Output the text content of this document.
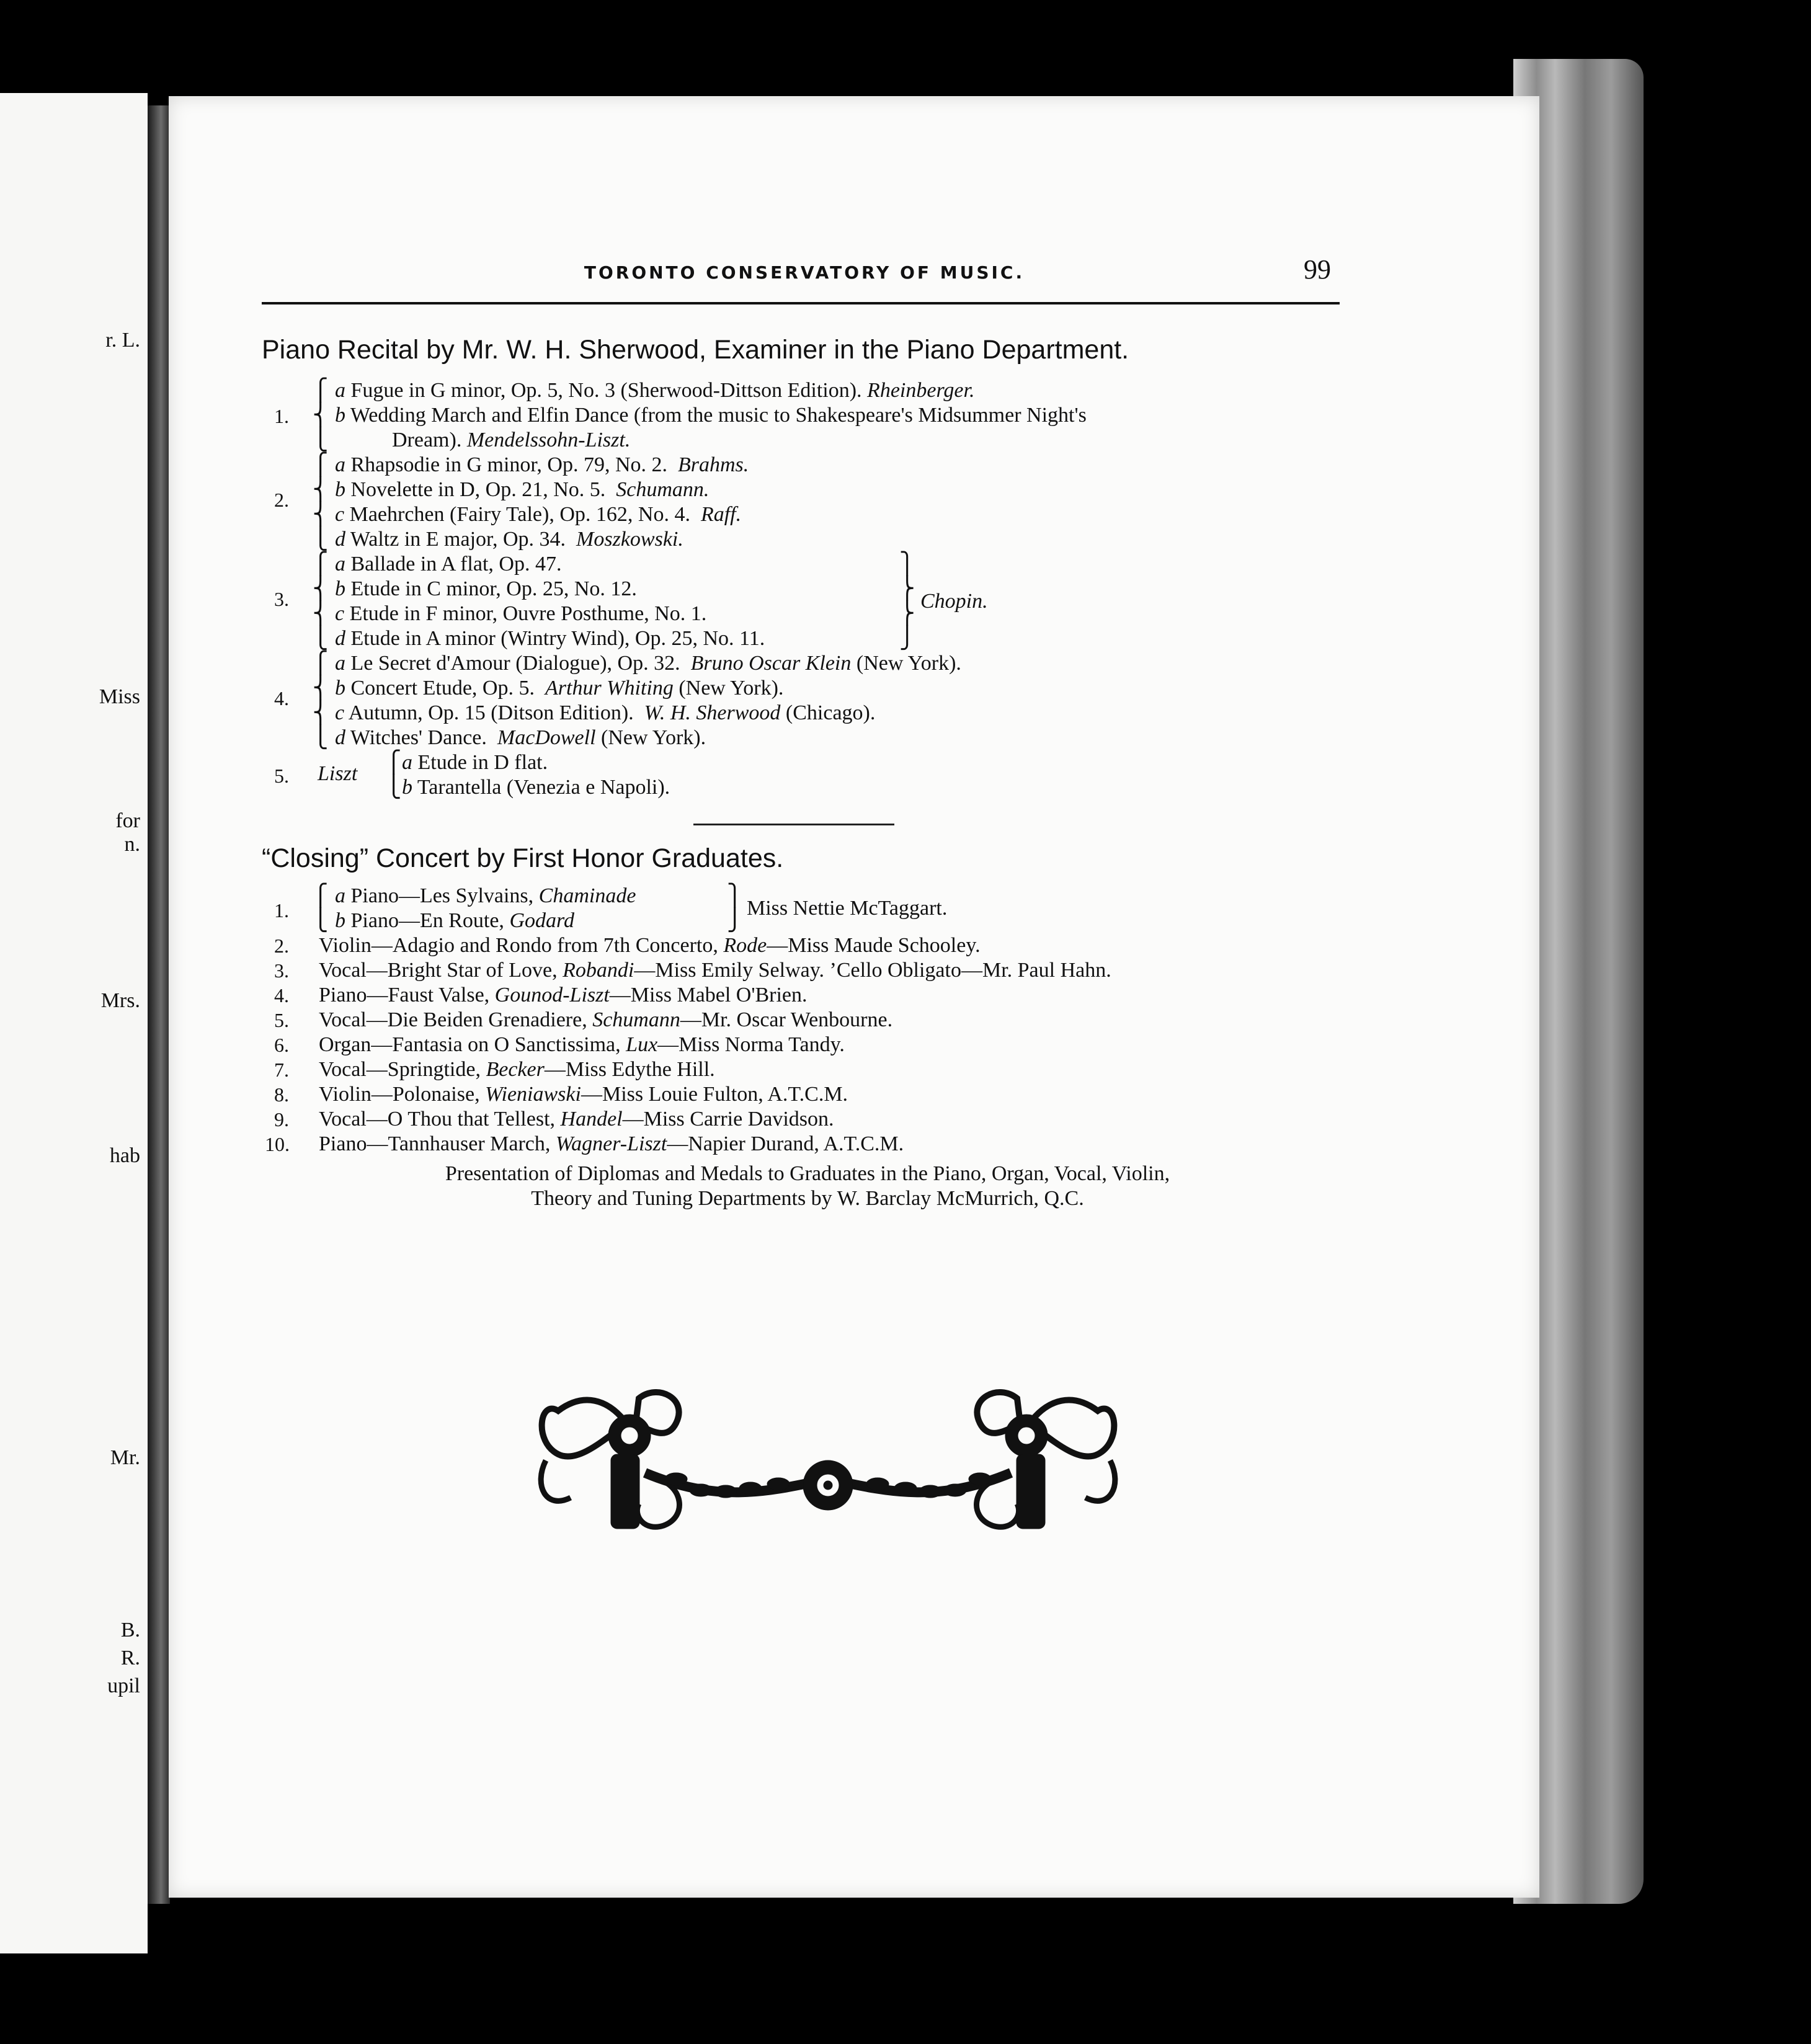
r. L.
Miss
for
n.
Mrs.
hab
Mr.
B.
R.
upil
TORONTO CONSERVATORY OF MUSIC.	99
Piano Recital by Mr. W. H. Sherwood, Examiner in the Piano Department.
1.
⎧
⎨
⎩
a Fugue in G minor, Op. 5, No. 3 (Sherwood-Dittson Edition). Rheinberger.
b Wedding March and Elfin Dance (from the music to Shakespeare's Midsummer Night's
Dream). Mendelssohn-Liszt.
2.
⎧
⎨
⎨
⎩
a Rhapsodie in G minor, Op. 79, No. 2. Brahms.
b Novelette in D, Op. 21, No. 5. Schumann.
c Maehrchen (Fairy Tale), Op. 162, No. 4. Raff.
d Waltz in E major, Op. 34. Moszkowski.
3.
⎧
⎨
⎨
⎩
a Ballade in A flat, Op. 47.
b Etude in C minor, Op. 25, No. 12.
c Etude in F minor, Ouvre Posthume, No. 1.
d Etude in A minor (Wintry Wind), Op. 25, No. 11.
⎫
⎬
⎬
⎭
Chopin.
4.
⎧
⎨
⎨
⎩
a Le Secret d'Amour (Dialogue), Op. 32. Bruno Oscar Klein (New York).
b Concert Etude, Op. 5. Arthur Whiting (New York).
c Autumn, Op. 15 (Ditson Edition). W. H. Sherwood (Chicago).
d Witches' Dance. MacDowell (New York).
5. Liszt ⎧
⎩
a Etude in D flat.
b Tarantella (Venezia e Napoli).
“Closing” Concert by First Honor Graduates.
1.
⎧
⎩
a Piano—Les Sylvains, Chaminade
b Piano—En Route, Godard
⎫
⎭
Miss Nettie McTaggart.
2. Violin—Adagio and Rondo from 7th Concerto, Rode—Miss Maude Schooley.
3. Vocal—Bright Star of Love, Robandi—Miss Emily Selway. ’Cello Obligato—Mr. Paul Hahn.
4. Piano—Faust Valse, Gounod-Liszt—Miss Mabel O'Brien.
5. Vocal—Die Beiden Grenadiere, Schumann—Mr. Oscar Wenbourne.
6. Organ—Fantasia on O Sanctissima, Lux—Miss Norma Tandy.
7. Vocal—Springtide, Becker—Miss Edythe Hill.
8. Violin—Polonaise, Wieniawski—Miss Louie Fulton, A.T.C.M.
9. Vocal—O Thou that Tellest, Handel—Miss Carrie Davidson.
10. Piano—Tannhauser March, Wagner-Liszt—Napier Durand, A.T.C.M.
Presentation of Diplomas and Medals to Graduates in the Piano, Organ, Vocal, Violin,
Theory and Tuning Departments by W. Barclay McMurrich, Q.C.
